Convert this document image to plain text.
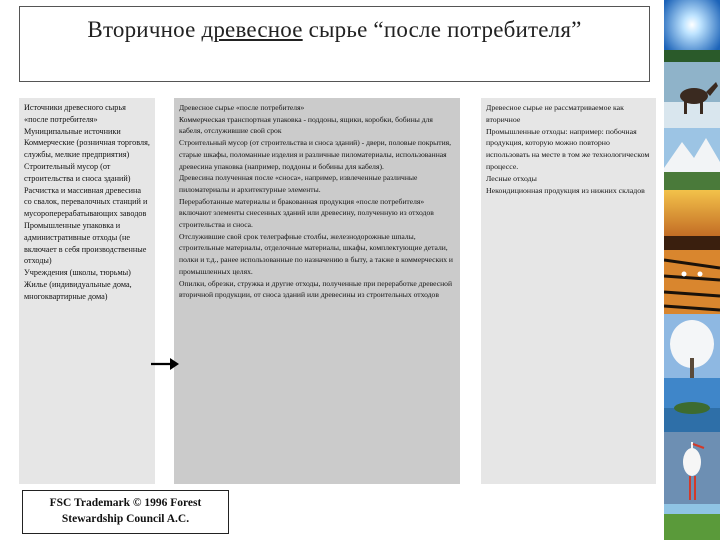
Вторичное древесное сырье “после потребителя”

Источники древесного сырья «после потребителя»

Муниципальные источники

Коммерческие (розничная торговля, службы, мелкие предприятия)

Строительный мусор (от строительства и сноса зданий)

Расчистка и массивная древесина со свалок, перевалочных станций и мусороперерабатывающих заводов

Промышленные упаковка и административные отходы (не включает в себя производственные отходы)

Учреждения (школы, тюрьмы)

Жилье (индивидуальные дома, многоквартирные дома)

Древесное сырье «после потребителя»

Коммерческая транспортная упаковка - поддоны, ящики, коробки, бобины для кабеля, отслужившие свой срок

Строительный мусор (от строительства и сноса зданий) - двери, половые покрытия, старые шкафы, поломанные изделия и различные пиломатериалы, использованная древесина упаковка (например, поддоны и бобины для кабеля).

Древесина полученная после «сноса», например, извлеченные различные пиломатериалы и архитектурные элементы.

Переработанные материалы и бракованная продукция «после потребителя» включают элементы снесенных зданий или древесину, полученную из отходов строительства и сноса.

Отслужившие свой срок телеграфные столбы, железнодорожные шпалы, строительные материалы, отделочные материалы, шкафы, комплектующие детали, полки и т.д., ранее использованные по назначению в быту, а также в коммерческих и промышленных целях.

Опилки, обрезки, стружка и другие отходы, полученные при переработке древесной вторичной продукции, от сноса зданий или древесины из строительных отходов

Древесное сырье не рассматриваемое как вторичное

Промышленные отходы: например: побочная продукция, которую можно повторно использовать на месте в том же технологическом процессе.

Лесные отходы

Некондиционная продукция из нижних складов

FSC Trademark © 1996 Forest
Stewardship Council A.C.
